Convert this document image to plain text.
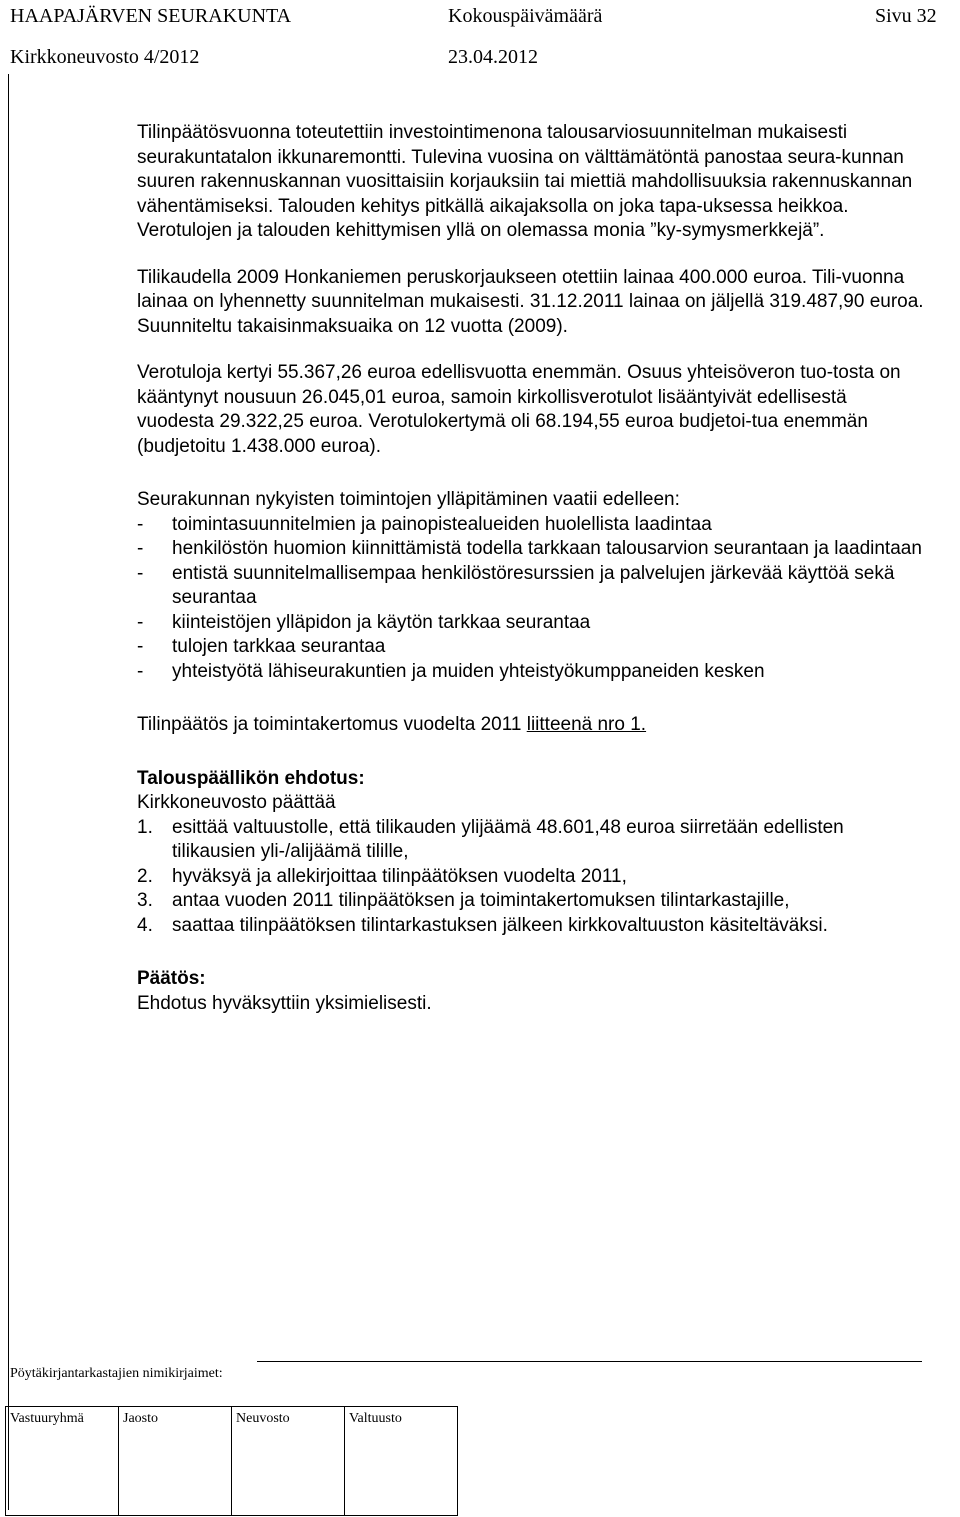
HAAPAJÄRVEN SEURAKUNTA	Kokouspäivämäärä	Sivu 32
Kirkkoneuvosto 4/2012	23.04.2012

Tilinpäätösvuonna toteutettiin investointimenona talousarviosuunnitelman mukaisesti seurakuntatalon ikkunaremontti. Tulevina vuosina on välttämätöntä panostaa seura-kunnan suuren rakennuskannan vuosittaisiin korjauksiin tai miettiä mahdollisuuksia rakennuskannan vähentämiseksi. Talouden kehitys pitkällä aikajaksolla on joka tapa-uksessa heikkoa. Verotulojen ja talouden kehittymisen yllä on olemassa monia ”ky-symysmerkkejä”.

Tilikaudella 2009 Honkaniemen peruskorjaukseen otettiin lainaa 400.000 euroa. Tili-vuonna lainaa on lyhennetty suunnitelman mukaisesti. 31.12.2011 lainaa on jäljellä 319.487,90 euroa. Suunniteltu takaisinmaksuaika on 12 vuotta (2009).

Verotuloja kertyi 55.367,26 euroa edellisvuotta enemmän. Osuus yhteisöveron tuo-tosta on kääntynyt nousuun 26.045,01 euroa, samoin kirkollisverotulot lisääntyivät edellisestä vuodesta 29.322,25 euroa. Verotulokertymä oli 68.194,55 euroa budjetoi-tua enemmän (budjetoitu 1.438.000 euroa).

Seurakunnan nykyisten toimintojen ylläpitäminen vaatii edelleen:

- toimintasuunnitelmien ja painopistealueiden huolellista laadintaa
- henkilöstön huomion kiinnittämistä todella tarkkaan talousarvion seurantaan ja laadintaan
- entistä suunnitelmallisempaa henkilöstöresurssien ja palvelujen järkevää käyttöä sekä seurantaa
- kiinteistöjen ylläpidon ja käytön tarkkaa seurantaa
- tulojen tarkkaa seurantaa
- yhteistyötä lähiseurakuntien ja muiden yhteistyökumppaneiden kesken

Tilinpäätös ja toimintakertomus vuodelta 2011 liitteenä nro 1.

Talouspäällikön ehdotus:

Kirkkoneuvosto päättää

1. esittää valtuustolle, että tilikauden ylijäämä 48.601,48 euroa siirretään edellisten tilikausien yli-/alijäämä tilille,
2. hyväksyä ja allekirjoittaa tilinpäätöksen vuodelta 2011,
3. antaa vuoden 2011 tilinpäätöksen ja toimintakertomuksen tilintarkastajille,
4. saattaa tilinpäätöksen tilintarkastuksen jälkeen kirkkovaltuuston käsiteltäväksi.

Päätös:

Ehdotus hyväksyttiin yksimielisesti.

Pöytäkirjantarkastajien nimikirjaimet:
Vastuuryhmä	Jaosto	Neuvosto	Valtuusto
